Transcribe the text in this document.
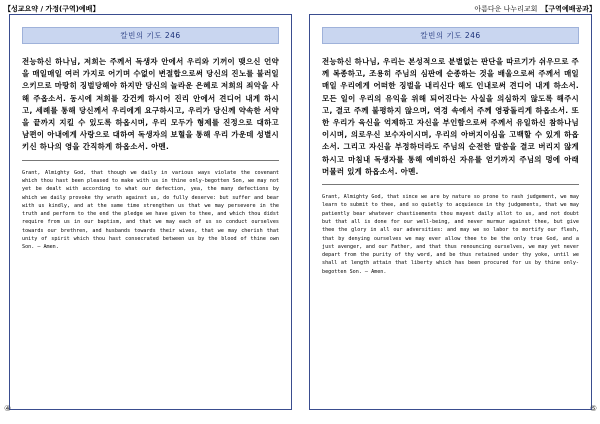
【성교요약 / 가정(구역)예배】	아름다운 나누리교회 【구역예배공과】
칼빈의 기도 246
전능하신 하나님, 저희는 주께서 독생자 안에서 우리와 기꺼이 맺으신 언약을 매일매일 여러 가지로 어기며 수없이 변절합으로써 당신의 진노를 불러일으키므로 마땅히 징벌당해야 하지만 당신의 놀라운 은혜로 저희의 죄악을 사해 주옵소서. 동시에 저희를 강건케 하시어 진리 안에서 견디어 내게 하시고, 세례를 통해 당신께서 우리에게 요구하시고, 우리가 당신께 약속한 서약을 끝까지 지킬 수 있도록 하옵시며, 우리 모두가 형제를 진정으로 대하고 남편이 아내에게 사랑으로 대하여 독생자의 보혈을 통해 우리 가운데 성별시키신 하나의 영을 간직하게 하옵소서. 아멘.
Grant, Almighty God, that though we daily in various ways violate the covenant which thou hast been pleased to make with us in thine only-begotten Son, we may not yet be dealt with according to what our defection, yea, the many defections by which we daily provoke thy wrath against us, do fully deserve: but suffer and bear with us kindly, and at the same time strengthen us that we may persevere in the truth and perform to the end the pledge we have given to thee, and which thou didst require from us in our baptism, and that we may each of us so conduct ourselves towards our brethren, and husbands towards their wives, that we may cherish that unity of spirit which thou hast consecrated between us by the blood of thine own Son. — Amen.
④
칼빈의 기도 246
전능하신 하나님, 우리는 본성적으로 분별없는 판단을 따르기가 쉬우므로 주께 복종하고, 조용히 주님의 심판에 순종하는 것을 배울으로써 주께서 매일매일 우리에게 어떠한 징벌을 내리신다 해도 인내로써 견디어 내게 하소서. 모든 일이 우리의 유익을 위해 되어진다는 사실을 의심하지 않도록 해주시고, 결코 주께 불평하지 않으며, 역경 속에서 주께 영광돌리게 하옵소서. 또한 우리가 육신을 억제하고 자신을 부인함으로써 주께서 유일하신 참하나님이시며, 의로우신 보수자이시며, 우리의 아버지이심을 고백할 수 있게 하옵소서. 그리고 자신을 부정하더라도 주님의 순전한 말씀을 결코 버리지 않게 하시고 마침내 독생자를 통해 예비하신 자유를 얻기까지 주님의 멍에 아래 머물러 있게 하옵소서. 아멘.
Grant, Almighty God, that since we are by nature so prone to rash judgement, we may learn to submit to thee, and so quietly to acquiesce in thy judgements, that we may patiently bear whatever chastisements thou mayest daily allot to us, and not doubt but that all is done for our well-being, and never murmur against thee, but give thee the glory in all our adversities: and may we so labor to mortify our flesh, that by denying ourselves we may ever allow thee to be the only true God, and a just avenger, and our Father, and that thus renouncing ourselves, we may yet never depart from the purity of thy word, and be thus retained under thy yoke, until we shall at length attain that liberty which has been procured for us by thine only-begotten Son. — Amen.
⑤
